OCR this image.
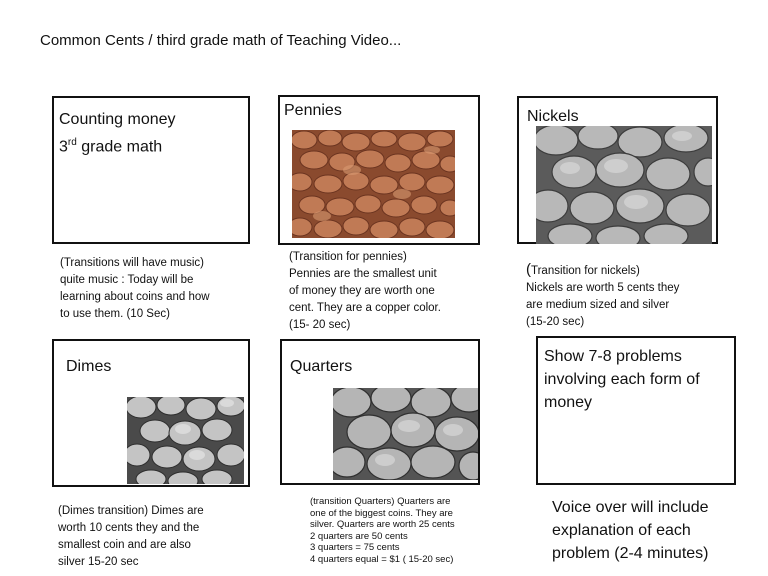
Common Cents / third grade math of Teaching Video...
Counting money
3rd grade math
(Transitions will have music)
quite music : Today will be
learning about coins and how
to use them. (10 Sec)
Pennies
(Transition for pennies)
Pennies are the smallest unit
of money they are worth one
cent. They are a copper color.
(15- 20 sec)
Nickels
(Transition for nickels)
Nickels are worth 5 cents they
are medium sized and silver
(15-20 sec)
Dimes
(Dimes transition) Dimes are
worth 10 cents they and the
smallest coin and are also
silver 15-20 sec
Quarters
(transition Quarters) Quarters are
one of the biggest coins. They are
silver. Quarters are worth 25 cents
2 quarters are 50 cents
3 quarters = 75 cents
4 quarters equal = $1 ( 15-20 sec)
Show 7-8 problems
involving each form of
money
Voice over will include
explanation of each
problem (2-4 minutes)
